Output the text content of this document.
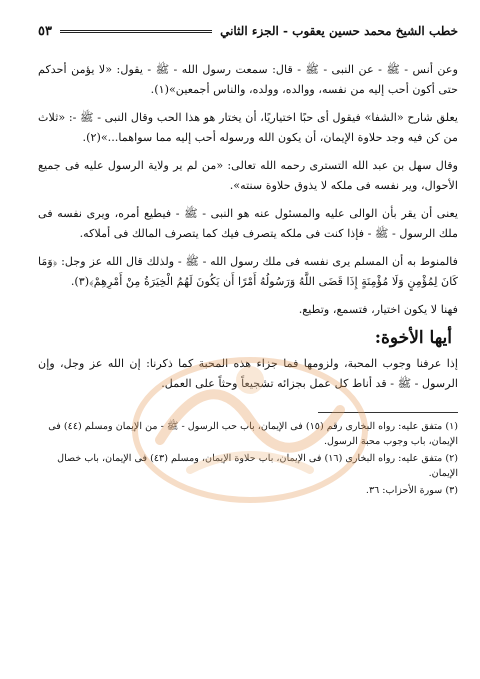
خطب الشيخ محمد حسين يعقوب - الجزء الثاني
٥٣

وعن أنس - ﷺ - عن النبى - ﷺ - قال: سمعت رسول الله - ﷺ - يقول: «لا يؤمن أحدكم حتى أكون أحب إليه من نفسه، ووالده، وولده، والناس أجمعين»(١).

يعلق شارح «الشفا» فيقول أى حبًا اختياريًا، أن يختار هو هذا الحب وقال النبى - ﷺ -: «ثلاث من كن فيه وجد حلاوة الإيمان، أن يكون الله ورسوله أحب إليه مما سواهما...»(٢).

وقال سهل بن عبد الله التسترى رحمه الله تعالى: «من لم ير ولاية الرسول عليه فى جميع الأحوال، وير نفسه فى ملكه لا يذوق حلاوة سنته».

يعنى أن يقر بأن الوالى عليه والمسئول عنه هو النبى - ﷺ - فيطيع أمره، ويرى نفسه فى ملك الرسول - ﷺ - فإذا كنت فى ملكه يتصرف فيك كما يتصرف المالك فى أملاكه.

فالمنوط به أن المسلم يرى نفسه فى ملك رسول الله - ﷺ - ولذلك قال الله عز وجل: ﴿وَمَا كَانَ لِمُؤْمِنٍ وَلَا مُؤْمِنَةٍ إِذَا قَضَى اللَّهُ وَرَسُولُهُ أَمْرًا أَن يَكُونَ لَهُمُ الْخِيَرَةُ مِنْ أَمْرِهِمْ﴾(٣).

فهنا لا يكون اختيار، فتسمع، وتطيع.

أيها الأخوة:

إذا عرفنا وجوب المحبة، ولزومها فما جزاء هذه المحبة كما ذكرنا: إن الله عز وجل، وإن الرسول - ﷺ - قد أناط كل عمل بجزائه تشجيعاً وحثاً على العمل.

(١) متفق عليه: رواه البخارى رقم (١٥) فى الإيمان، باب حب الرسول - ﷺ - من الإيمان ومسلم (٤٤) فى الإيمان، باب وجوب محبة الرسول.

(٢) متفق عليه: رواه البخارى (١٦) فى الإيمان، باب حلاوة الإيمان، ومسلم (٤٣) فى الإيمان، باب خصال الإيمان.

(٣) سورة الأحزاب: ٣٦.
